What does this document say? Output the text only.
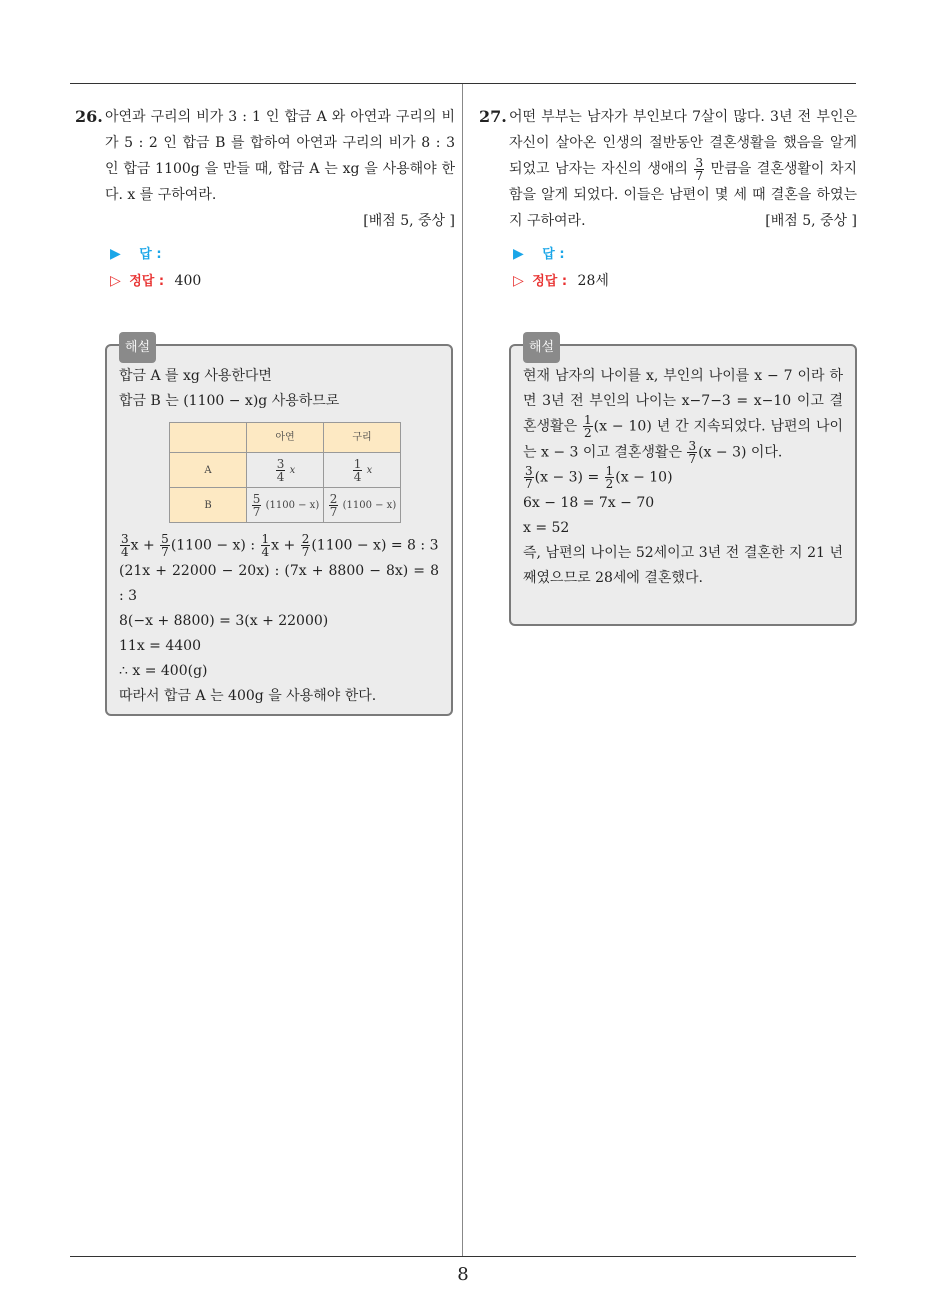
8
26. 아연과 구리의 비가 3 : 1 인 합금 A 와 아연과 구리의 비가 5 : 2 인 합금 B 를 합하여 아연과 구리의 비가 8 : 3 인 합금 1100g 을 만들 때, 합금 A 는 xg 을 사용해야 한다. x 를 구하여라.

[배점 5, 중상 ]
▶ 답 :
▷ 정답 : 400
해설

합금 A 를 xg 사용한다면

합금 B 는 (1100 − x)g 사용하므로

	아연	구리
A	$\frac{3}{4}$ x	$\frac{1}{4}$ x
B	$\frac{5}{7} (1100 - x)$	$\frac{2}{7} (1100 - x)$

$\frac{3}{4}$ $x + \frac{5}{7} (1100 - x)$ : $\frac{1}{4}$ $x + \frac{2}{7} (1100 - x) = 8$ : 3

(21x + 22000 − 20x) : (7x + 8800 − 8x) = 8 : 3

8(−x + 8800) = 3(x + 22000)

11x = 4400

∴ x = 400(g)

따라서 합금 A 는 400g 을 사용해야 한다.

27. 어떤 부부는 남자가 부인보다 7살이 많다. 3년 전 부인은 자신이 살아온 인생의 절반동안 결혼생활을 했음을 알게 되었고 남자는 자신의 생애의 $\frac{3}{7}$ 만큼을 결혼생활이 차지함을 알게 되었다. 이들은 남편이 몇 세 때 결혼을 하였는지 구하여라.	[배점 5, 중상 ]
▶ 답 :
▷ 정답 : 28세
해설

현재 남자의 나이를 x, 부인의 나이를 x − 7 이라 하면 3년 전 부인의 나이는 x−7−3 = x−10 이고 결혼생활은 $\frac{1}{2} (x - 10)$ 년 간 지속되었다. 남편의 나이는 x − 3 이고 결혼생활은 $\frac{3}{7} (x - 3)$ 이다.

$\frac{3}{7} (x - 3) = \frac{1}{2} (x - 10)$

6x − 18 = 7x − 70

x = 52

즉, 남편의 나이는 52세이고 3년 전 결혼한 지 21 년째였으므로 28세에 결혼했다.
